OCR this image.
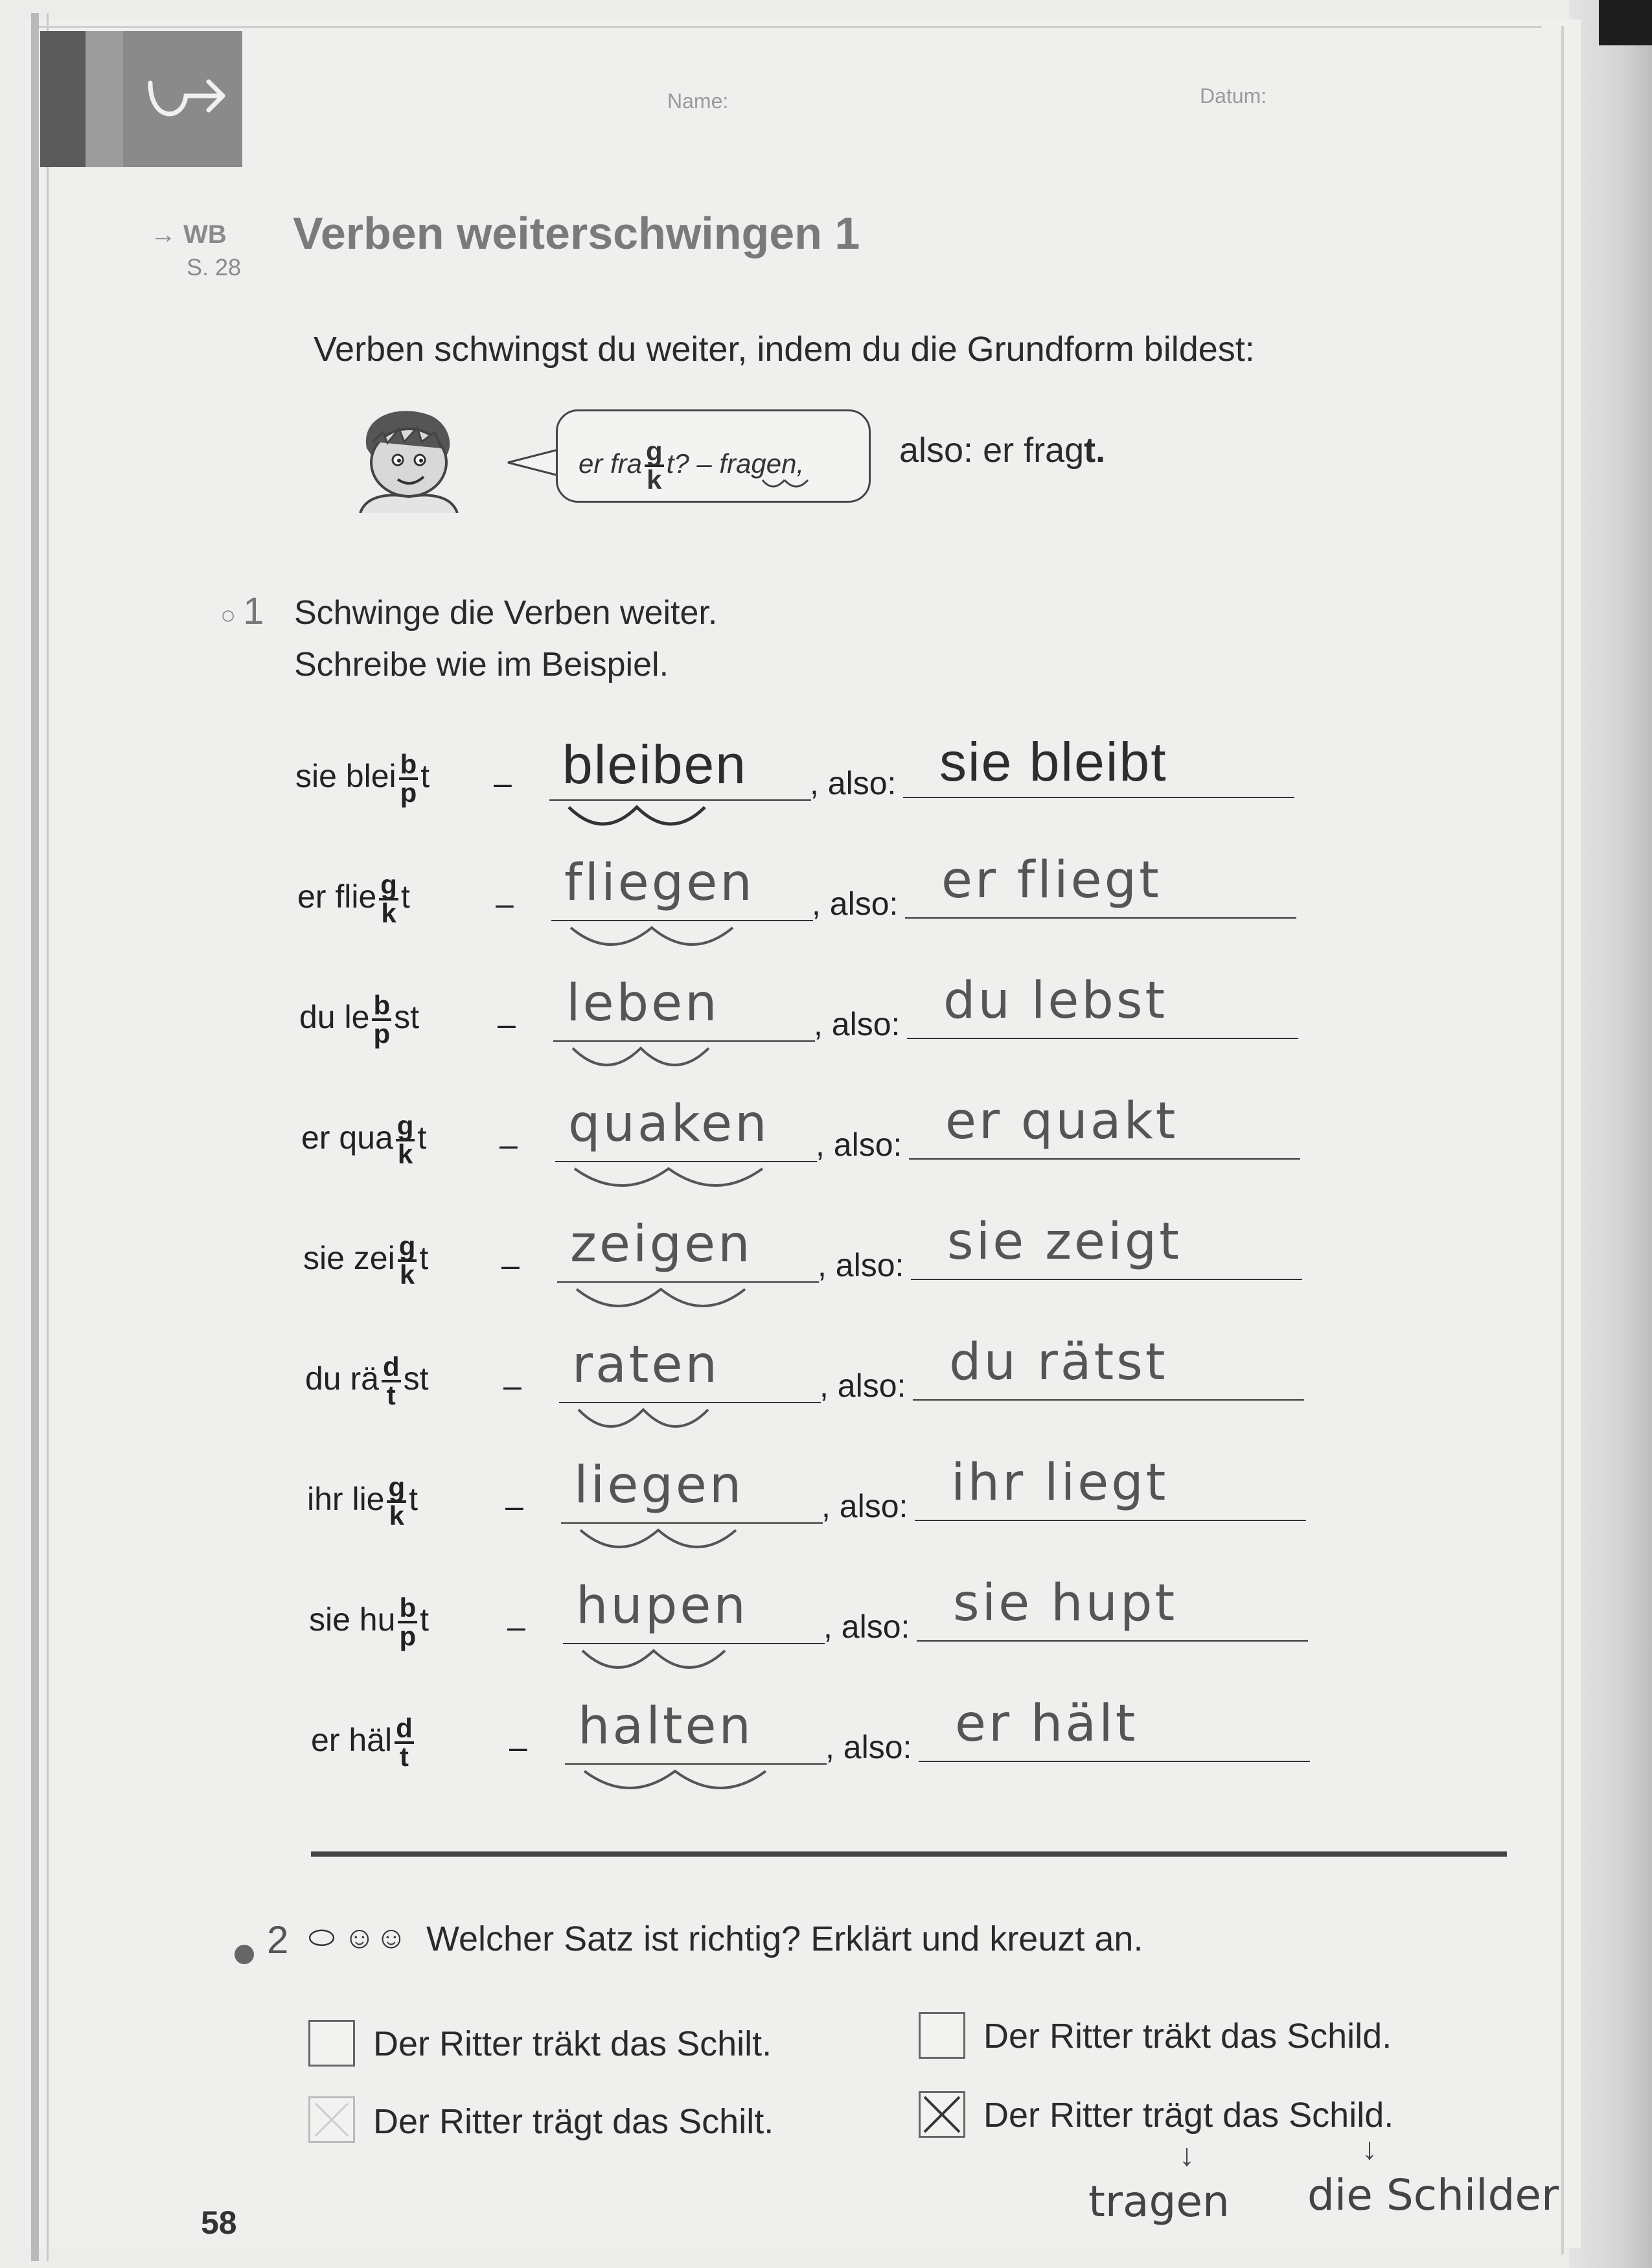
Name:	Datum:
→ WB
S. 28
Verben weiterschwingen 1
Verben schwingst du weiter, indem du die Grundform bildest:
er fra $\frac{g}{k} t$? – fragen,	also: er fragt.
○ 1 Schwinge die Verben weiter.
Schreibe wie im Beispiel.
sie blei $\frac{b}{p}$ t – bleiben , also: sie bleibt
er flie $\frac{g}{k}$ t	– fliegen , also: er fliegt
du le $\frac{b}{p}$ st – leben	, also: du lebst
er qua $\frac{g}{k}$ t – quaken , also: er quakt
sie zei $\frac{g}{k}$ t – zeigen , also: sie zeigt
du rä $\frac{d}{t}$ st – raten	, also: du rätst
ihr lie $\frac{g}{k}$ t	– liegen , also: ihr liegt
sie hu $\frac{b}{p}$ t – hupen , also: sie hupt
er häl $\frac{d}{t}$	– halten , also: er hält
2 ⬭ ☺☺ Welcher Satz ist richtig? Erklärt und kreuzt an.
Der Ritter träkt das Schilt.
Der Ritter trägt das Schilt.
Der Ritter träkt das Schild.
Der Ritter trägt das Schild.
↓
tragen
↓
die Schilder
58
